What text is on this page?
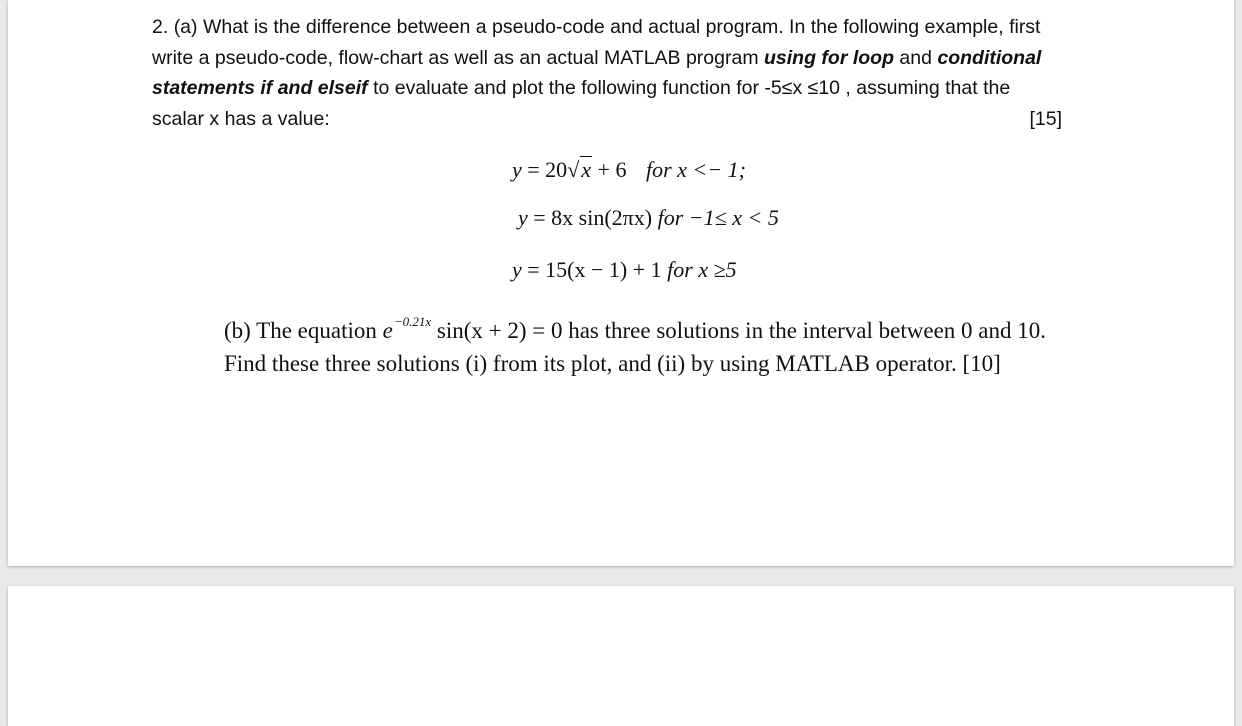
2. (a) What is the difference between a pseudo-code and actual program. In the following example, first
write a pseudo-code, flow-chart as well as an actual MATLAB program using for loop and conditional
statements if and elseif to evaluate and plot the following function for -5≤x ≤10 , assuming that the
scalar x has a value:	[15]
y = 20√x + 6 for x <− 1;
y = 8x sin(2πx) for −1≤ x < 5
y = 15(x − 1) + 1 for x ≥5
(b) The equation $e^{-0.21x}$ sin(x + 2) = 0 has three solutions in the interval between 0 and 10.
Find these three solutions (i) from its plot, and (ii) by using MATLAB operator. [10]
